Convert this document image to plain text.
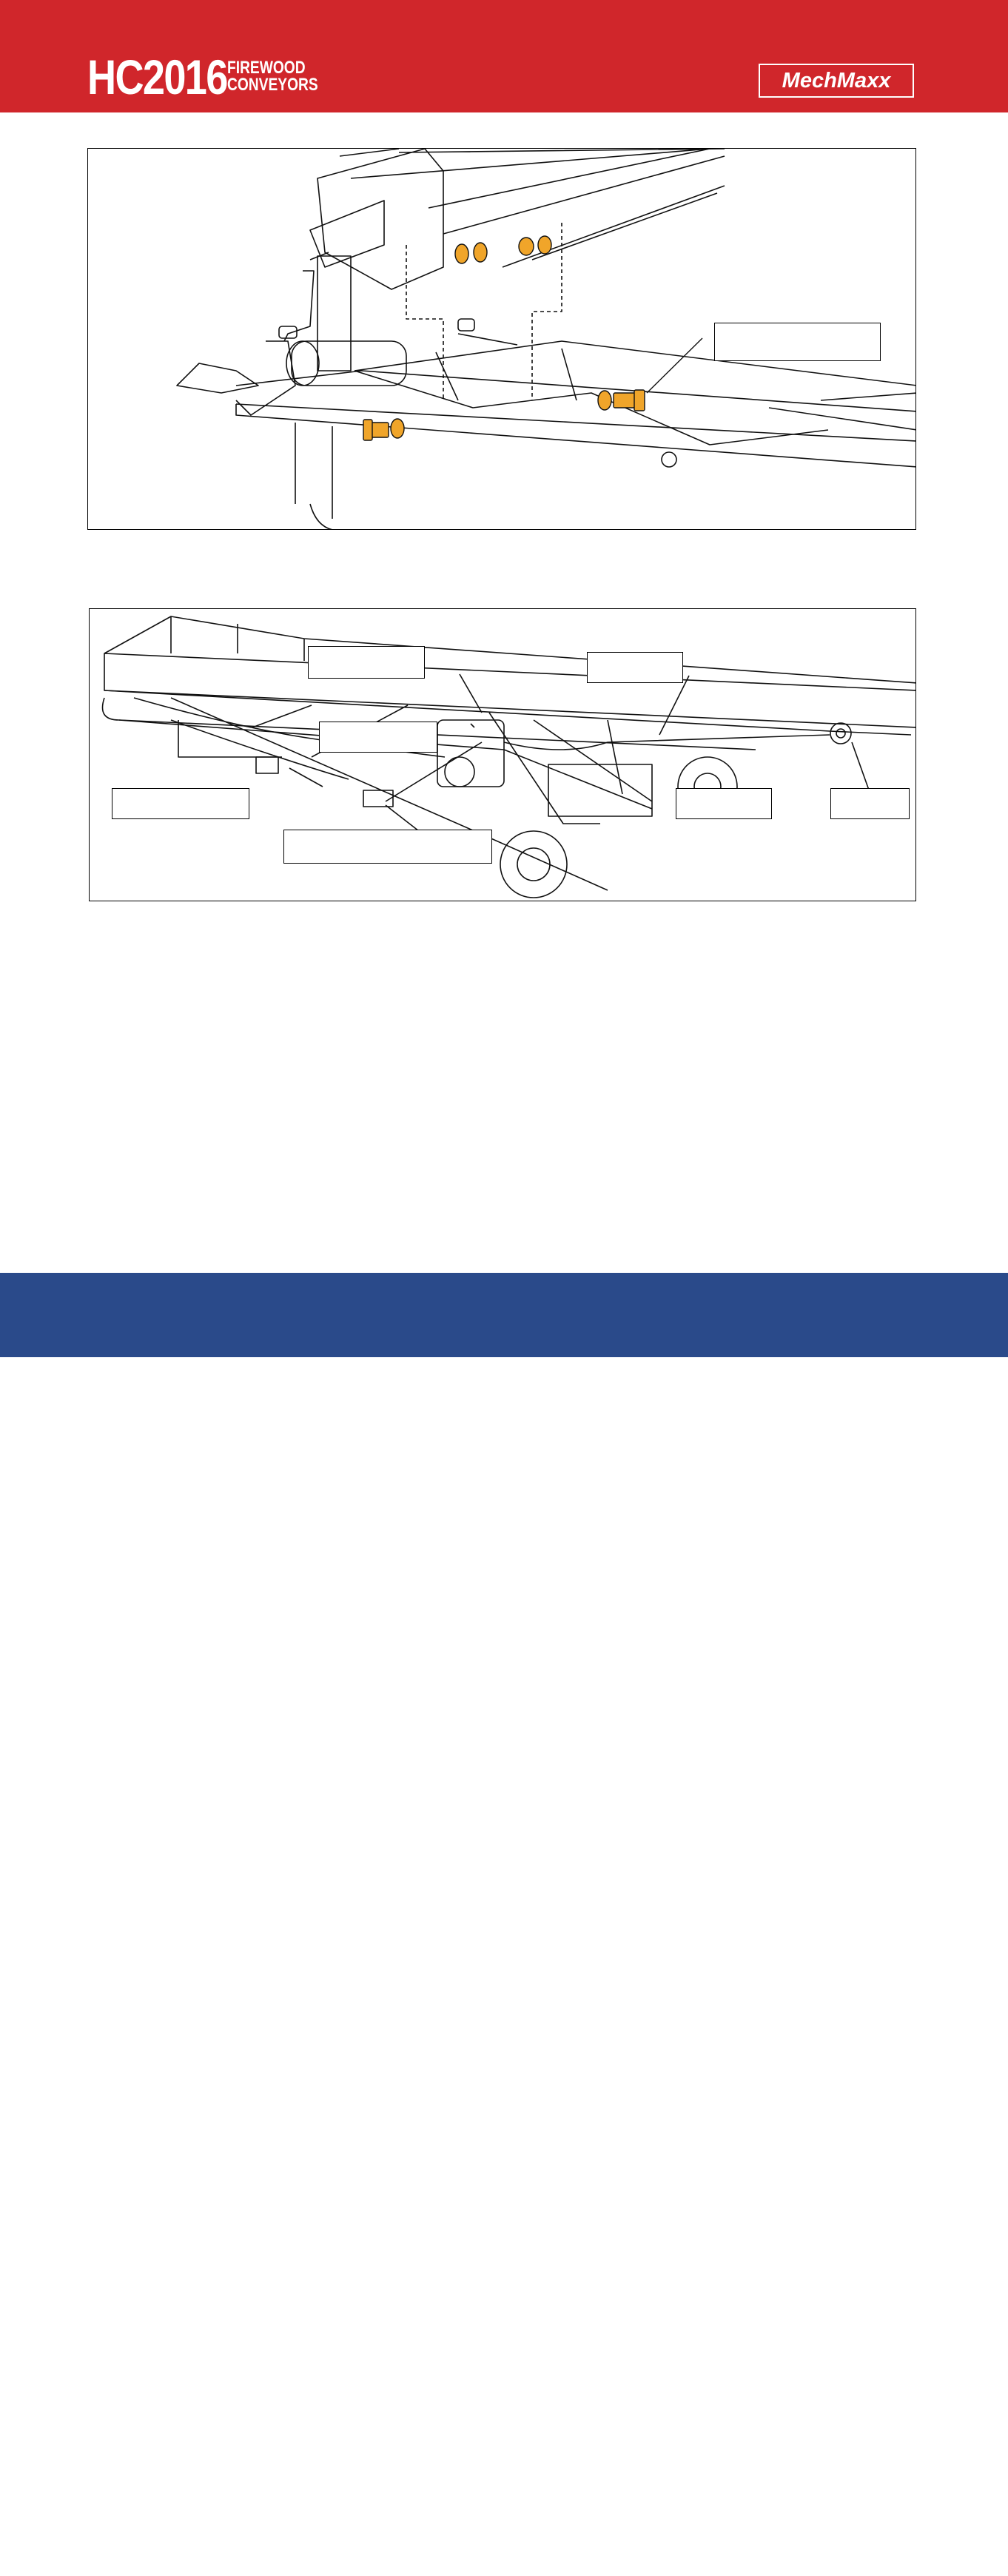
HC2016 FIREWOOD
CONVEYORS	MechMaxx
